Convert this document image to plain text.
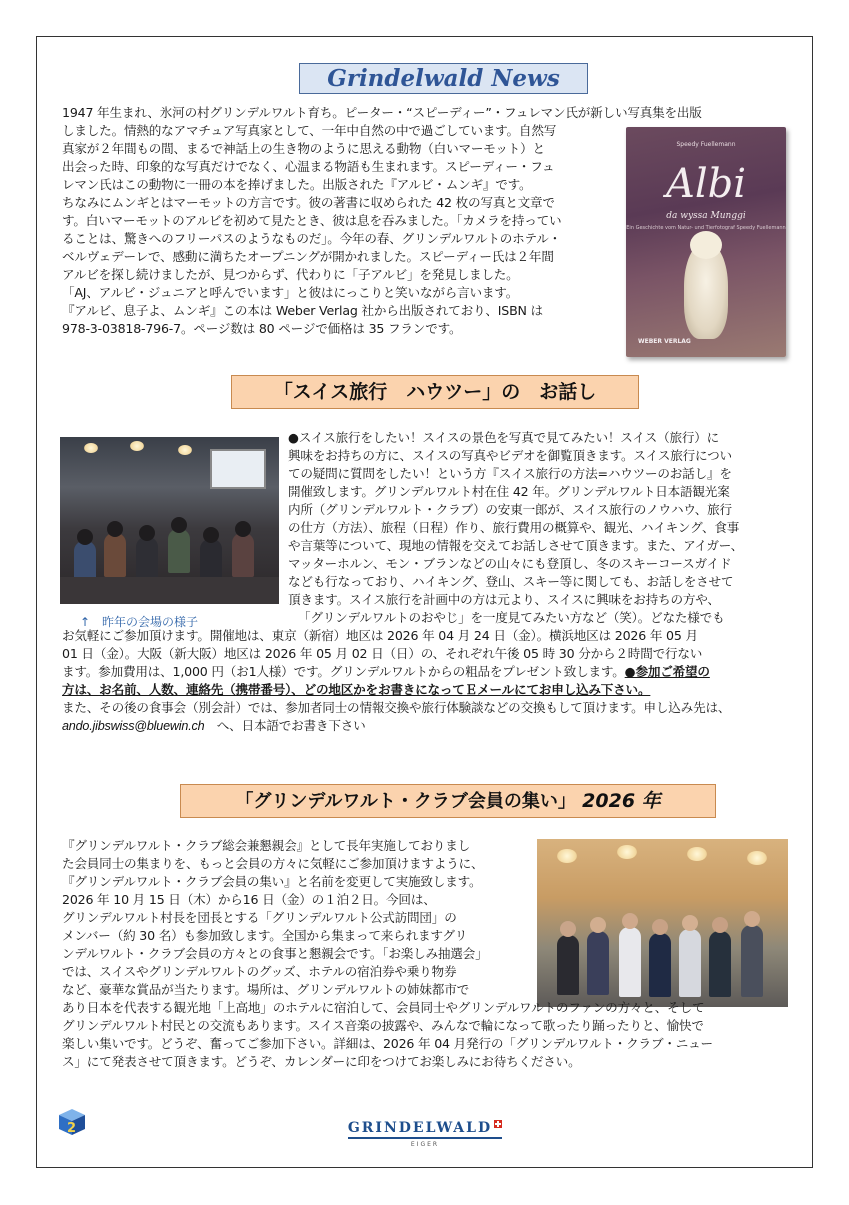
Grindelwald News

1947 年生まれ、氷河の村グリンデルワルト育ち。ピーター・“スピーディー”・フュレマン氏が新しい写真集を出版

しました。情熱的なアマチュア写真家として、一年中自然の中で過ごしています。自然写

真家が２年間もの間、まるで神話上の生き物のように思える動物（白いマーモット）と

出会った時、印象的な写真だけでなく、心温まる物語も生まれます。スピーディー・フュ

レマン氏はこの動物に一冊の本を捧げました。出版された『アルビ・ムンギ』です。

ちなみにムンギとはマーモットの方言です。彼の著書に収められた 42 枚の写真と文章で

す。白いマーモットのアルビを初めて見たとき、彼は息を吞みました。「カメラを持ってい

ることは、驚きへのフリーパスのようなものだ」。今年の春、グリンデルワルトのホテル・

ベルヴェデーレで、感動に満ちたオープニングが開かれました。スピーディー氏は２年間

アルビを探し続けましたが、見つからず、代わりに「子アルビ」を発見しました。

「AJ、アルビ・ジュニアと呼んでいます」と彼はにっこりと笑いながら言います。

『アルビ、息子よ、ムンギ』この本は Weber Verlag 社から出版されており、ISBN は

978-3-03818-796-7。ページ数は 80 ページで価格は 35 フランです。

Speedy Fuellemann
Albi
da wyssa Munggi
Ein Geschichte vom Natur- und Tierfotograf Speedy Fuellemann
WEBER VERLAG
「スイス旅行　ハウツー」の　お話し
↑　昨年の会場の様子

●スイス旅行をしたい！スイスの景色を写真で見てみたい！スイス（旅行）に

興味をお持ちの方に、スイスの写真やビデオを御覧頂きます。スイス旅行につい

ての疑問に質問をしたい！という方『スイス旅行の方法=ハウツーのお話し』を

開催致します。グリンデルワルト村在住 42 年。グリンデルワルト日本語観光案

内所（グリンデルワルト・クラブ）の安東一郎が、スイス旅行のノウハウ、旅行

の仕方（方法）、旅程（日程）作り、旅行費用の概算や、観光、ハイキング、食事

や言葉等について、現地の情報を交えてお話しさせて頂きます。また、アイガー、

マッターホルン、モン・ブランなどの山々にも登頂し、冬のスキーコースガイド

なども行なっており、ハイキング、登山、スキー等に関しても、お話しをさせて

頂きます。スイス旅行を計画中の方は元より、スイスに興味をお持ちの方や、

「グリンデルワルトのおやじ」を一度見てみたい方など（笑）。どなた様でも

お気軽にご参加頂けます。開催地は、東京（新宿）地区は 2026 年 04 月 24 日（金）。横浜地区は 2026 年 05 月

01 日（金）。大阪（新大阪）地区は 2026 年 05 月 02 日（日）の、それぞれ午後 05 時 30 分から２時間で行ない

ます。参加費用は、1,000 円（お1人様）です。グリンデルワルトからの粗品をプレゼント致します。●参加ご希望の

方は、お名前、人数、連絡先（携帯番号）、どの地区かをお書きになってＥメールにてお申し込み下さい。

また、その後の食事会（別会計）では、参加者同士の情報交換や旅行体験談などの交換もして頂けます。申し込み先は、

ando.jibswiss@bluewin.ch　へ、日本語でお書き下さい

「グリンデルワルト・クラブ会員の集い」 2026 年

『グリンデルワルト・クラブ総会兼懇親会』として長年実施しておりまし

た会員同士の集まりを、もっと会員の方々に気軽にご参加頂けますように、

『グリンデルワルト・クラブ会員の集い』と名前を変更して実施致します。

2026 年 10 月 15 日（木）から16 日（金）の１泊２日。今回は、

グリンデルワルト村長を団長とする「グリンデルワルト公式訪問団」の

メンバー（約 30 名）も参加致します。全国から集まって来られますグリ

ンデルワルト・クラブ会員の方々との食事と懇親会です。「お楽しみ抽選会」

では、スイスやグリンデルワルトのグッズ、ホテルの宿泊券や乗り物券

など、豪華な賞品が当たります。場所は、グリンデルワルトの姉妹都市で

あり日本を代表する観光地「上高地」のホテルに宿泊して、会員同士やグリンデルワルトのファンの方々と、そして

グリンデルワルト村民との交流もあります。スイス音楽の披露や、みんなで輪になって歌ったり踊ったりと、愉快で

楽しい集いです。どうぞ、奮ってご参加下さい。詳細は、2026 年 04 月発行の「グリンデルワルト・クラブ・ニュー

ス」にて発表させて頂きます。どうぞ、カレンダーに印をつけてお楽しみにお待ちください。

2	GRINDELWALD
EIGER
